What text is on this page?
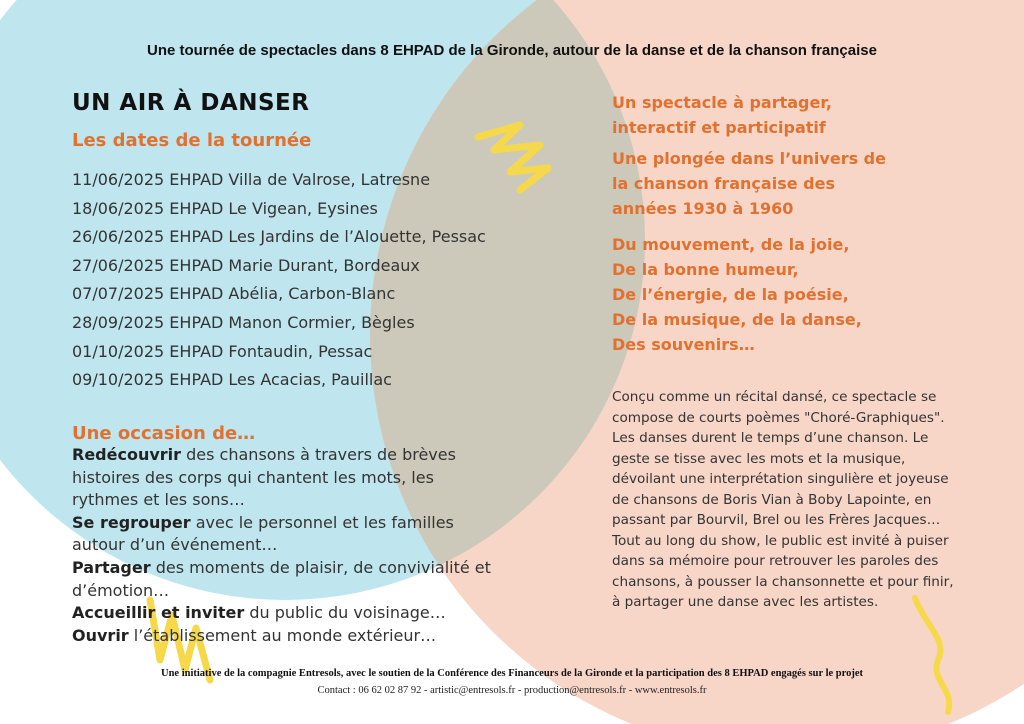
Une tournée de spectacles dans 8 EHPAD de la Gironde, autour de la danse et de la chanson française
UN AIR À DANSER
Les dates de la tournée
11/06/2025 EHPAD Villa de Valrose, Latresne
18/06/2025 EHPAD Le Vigean, Eysines
26/06/2025 EHPAD Les Jardins de l’Alouette, Pessac
27/06/2025 EHPAD Marie Durant, Bordeaux
07/07/2025 EHPAD Abélia, Carbon-Blanc
28/09/2025 EHPAD Manon Cormier, Bègles
01/10/2025 EHPAD Fontaudin, Pessac
09/10/2025 EHPAD Les Acacias, Pauillac
Une occasion de…
Redécouvrir des chansons à travers de brèves histoires des corps qui chantent les mots, les rythmes et les sons…
Se regrouper avec le personnel et les familles autour d’un événement…
Partager des moments de plaisir, de convivialité et d’émotion…
Accueillir et inviter du public du voisinage…
Ouvrir l’établissement au monde extérieur…
Un spectacle à partager,
interactif et participatif
Une plongée dans l’univers de
la chanson française des
années 1930 à 1960
Du mouvement, de la joie,
De la bonne humeur,
De l’énergie, de la poésie,
De la musique, de la danse,
Des souvenirs…
Conçu comme un récital dansé, ce spectacle se compose de courts poèmes "Choré-Graphiques". Les danses durent le temps d’une chanson. Le geste se tisse avec les mots et la musique, dévoilant une interprétation singulière et joyeuse de chansons de Boris Vian à Boby Lapointe, en passant par Bourvil, Brel ou les Frères Jacques… Tout au long du show, le public est invité à puiser dans sa mémoire pour retrouver les paroles des chansons, à pousser la chansonnette et pour finir, à partager une danse avec les artistes.
Une initiative de la compagnie Entresols, avec le soutien de la Conférence des Financeurs de la Gironde et la participation des 8 EHPAD engagés sur le projet
Contact : 06 62 02 87 92 - artistic@entresols.fr - production@entresols.fr - www.entresols.fr
